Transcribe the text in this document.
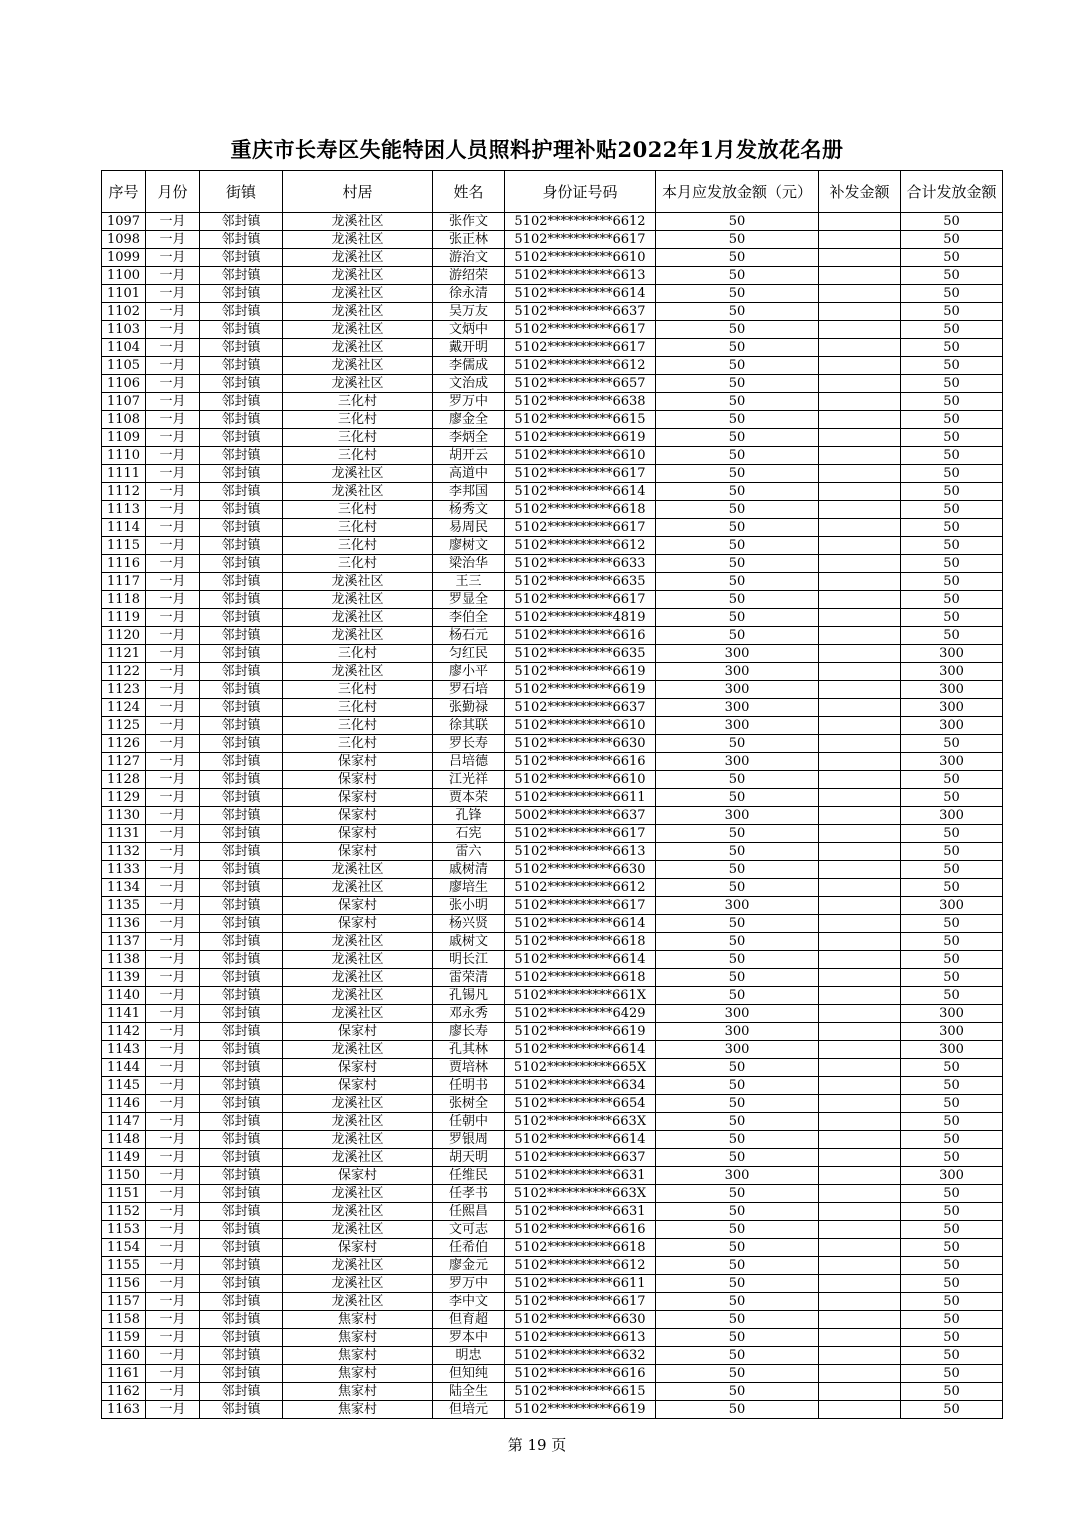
重庆市长寿区失能特困人员照料护理补贴2022年1月发放花名册
序号	月份	街镇	村居	姓名	身份证号码	本月应发放金额（元）	补发金额	合计发放金额
1097	一月	邻封镇	龙溪社区	张作文	5102**********6612	50		50
1098	一月	邻封镇	龙溪社区	张正林	5102**********6617	50		50
1099	一月	邻封镇	龙溪社区	游治文	5102**********6610	50		50
1100	一月	邻封镇	龙溪社区	游绍荣	5102**********6613	50		50
1101	一月	邻封镇	龙溪社区	徐永清	5102**********6614	50		50
1102	一月	邻封镇	龙溪社区	吴万友	5102**********6637	50		50
1103	一月	邻封镇	龙溪社区	文炳中	5102**********6617	50		50
1104	一月	邻封镇	龙溪社区	戴开明	5102**********6617	50		50
1105	一月	邻封镇	龙溪社区	李儒成	5102**********6612	50		50
1106	一月	邻封镇	龙溪社区	文治成	5102**********6657	50		50
1107	一月	邻封镇	三化村	罗万中	5102**********6638	50		50
1108	一月	邻封镇	三化村	廖金全	5102**********6615	50		50
1109	一月	邻封镇	三化村	李炳全	5102**********6619	50		50
1110	一月	邻封镇	三化村	胡开云	5102**********6610	50		50
1111	一月	邻封镇	龙溪社区	高道中	5102**********6617	50		50
1112	一月	邻封镇	龙溪社区	李邦国	5102**********6614	50		50
1113	一月	邻封镇	三化村	杨秀文	5102**********6618	50		50
1114	一月	邻封镇	三化村	易周民	5102**********6617	50		50
1115	一月	邻封镇	三化村	廖树文	5102**********6612	50		50
1116	一月	邻封镇	三化村	梁治华	5102**********6633	50		50
1117	一月	邻封镇	龙溪社区	王三	5102**********6635	50		50
1118	一月	邻封镇	龙溪社区	罗显全	5102**********6617	50		50
1119	一月	邻封镇	龙溪社区	李伯全	5102**********4819	50		50
1120	一月	邻封镇	龙溪社区	杨石元	5102**********6616	50		50
1121	一月	邻封镇	三化村	匀红民	5102**********6635	300		300
1122	一月	邻封镇	龙溪社区	廖小平	5102**********6619	300		300
1123	一月	邻封镇	三化村	罗石培	5102**********6619	300		300
1124	一月	邻封镇	三化村	张勤禄	5102**********6637	300		300
1125	一月	邻封镇	三化村	徐其联	5102**********6610	300		300
1126	一月	邻封镇	三化村	罗长寿	5102**********6630	50		50
1127	一月	邻封镇	保家村	吕培德	5102**********6616	300		300
1128	一月	邻封镇	保家村	江光祥	5102**********6610	50		50
1129	一月	邻封镇	保家村	贾本荣	5102**********6611	50		50
1130	一月	邻封镇	保家村	孔锋	5002**********6637	300		300
1131	一月	邻封镇	保家村	石宪	5102**********6617	50		50
1132	一月	邻封镇	保家村	雷六	5102**********6613	50		50
1133	一月	邻封镇	龙溪社区	戚树清	5102**********6630	50		50
1134	一月	邻封镇	龙溪社区	廖培生	5102**********6612	50		50
1135	一月	邻封镇	保家村	张小明	5102**********6617	300		300
1136	一月	邻封镇	保家村	杨兴贤	5102**********6614	50		50
1137	一月	邻封镇	龙溪社区	戚树文	5102**********6618	50		50
1138	一月	邻封镇	龙溪社区	明长江	5102**********6614	50		50
1139	一月	邻封镇	龙溪社区	雷荣清	5102**********6618	50		50
1140	一月	邻封镇	龙溪社区	孔锡凡	5102**********661X	50		50
1141	一月	邻封镇	龙溪社区	邓永秀	5102**********6429	300		300
1142	一月	邻封镇	保家村	廖长寿	5102**********6619	300		300
1143	一月	邻封镇	龙溪社区	孔其林	5102**********6614	300		300
1144	一月	邻封镇	保家村	贾培林	5102**********665X	50		50
1145	一月	邻封镇	保家村	任明书	5102**********6634	50		50
1146	一月	邻封镇	龙溪社区	张树全	5102**********6654	50		50
1147	一月	邻封镇	龙溪社区	任朝中	5102**********663X	50		50
1148	一月	邻封镇	龙溪社区	罗银周	5102**********6614	50		50
1149	一月	邻封镇	龙溪社区	胡天明	5102**********6637	50		50
1150	一月	邻封镇	保家村	任维民	5102**********6631	300		300
1151	一月	邻封镇	龙溪社区	任孝书	5102**********663X	50		50
1152	一月	邻封镇	龙溪社区	任熙昌	5102**********6631	50		50
1153	一月	邻封镇	龙溪社区	文可志	5102**********6616	50		50
1154	一月	邻封镇	保家村	任希伯	5102**********6618	50		50
1155	一月	邻封镇	龙溪社区	廖金元	5102**********6612	50		50
1156	一月	邻封镇	龙溪社区	罗万中	5102**********6611	50		50
1157	一月	邻封镇	龙溪社区	李中文	5102**********6617	50		50
1158	一月	邻封镇	焦家村	但育超	5102**********6630	50		50
1159	一月	邻封镇	焦家村	罗本中	5102**********6613	50		50
1160	一月	邻封镇	焦家村	明忠	5102**********6632	50		50
1161	一月	邻封镇	焦家村	但知纯	5102**********6616	50		50
1162	一月	邻封镇	焦家村	陆全生	5102**********6615	50		50
1163	一月	邻封镇	焦家村	但培元	5102**********6619	50		50
第 19 页
